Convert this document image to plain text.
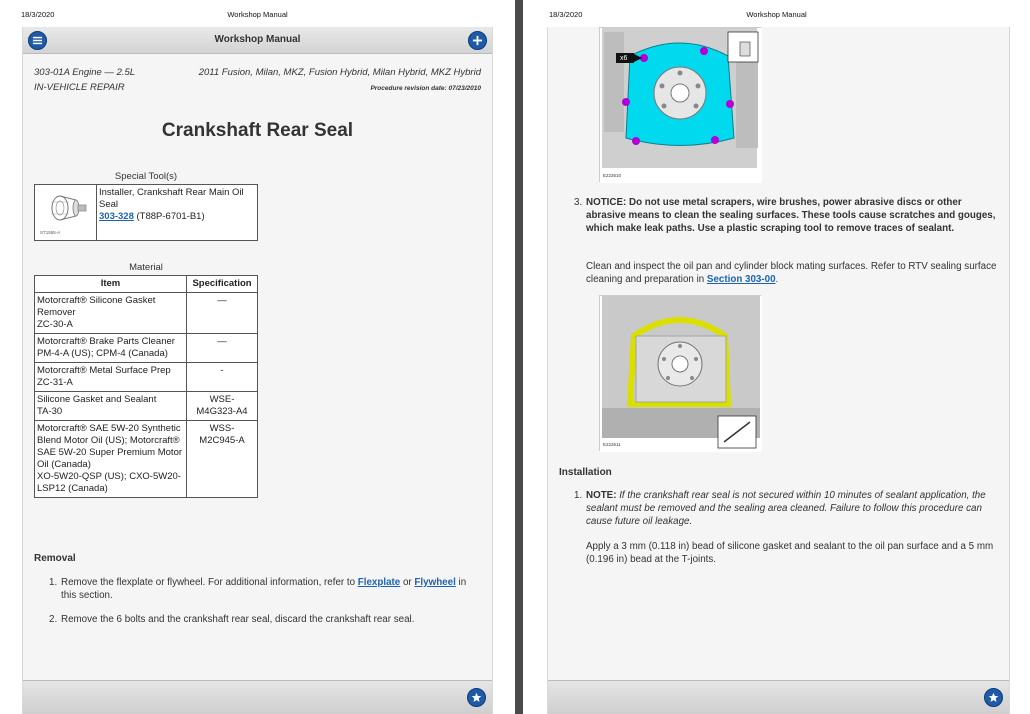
18/3/2020	Workshop Manual
Workshop Manual
303-01A Engine — 2.5L	2011 Fusion, Milan, MKZ, Fusion Hybrid, Milan Hybrid, MKZ Hybrid
IN-VEHICLE REPAIR	Procedure revision date: 07/23/2010
Crankshaft Rear Seal
Special Tool(s)
ST1555-A
	Installer, Crankshaft Rear Main Oil Seal
303-328 (T88P-6701-B1)
Material
Item	Specification
Motorcraft® Silicone Gasket Remover
ZC-30-A	—
Motorcraft® Brake Parts Cleaner
PM-4-A (US); CPM-4 (Canada)	—
Motorcraft® Metal Surface Prep
ZC-31-A	-
Silicone Gasket and Sealant
TA-30	WSE-
M4G323-A4
Motorcraft® SAE 5W-20 Synthetic Blend Motor Oil (US); Motorcraft® SAE 5W-20 Super Premium Motor Oil (Canada)
XO-5W20-QSP (US); CXO-5W20-LSP12 (Canada)	WSS-
M2C945-A
Removal
1. Remove the flexplate or flywheel. For additional information, refer to Flexplate or Flywheel in this section.
2. Remove the 6 bolts and the crankshaft rear seal, discard the crankshaft rear seal.
18/3/2020	Workshop Manual
x6
E222610
3. NOTICE: Do not use metal scrapers, wire brushes, power abrasive discs or other abrasive means to clean the sealing surfaces. These tools cause scratches and gouges, which make leak paths. Use a plastic scraping tool to remove traces of sealant.
Clean and inspect the oil pan and cylinder block mating surfaces. Refer to RTV sealing surface cleaning and preparation in Section 303-00.
E222611
Installation
1. NOTE: If the crankshaft rear seal is not secured within 10 minutes of sealant application, the sealant must be removed and the sealing area cleaned. Failure to follow this procedure can cause future oil leakage.
Apply a 3 mm (0.118 in) bead of silicone gasket and sealant to the oil pan surface and a 5 mm (0.196 in) bead at the T-joints.
